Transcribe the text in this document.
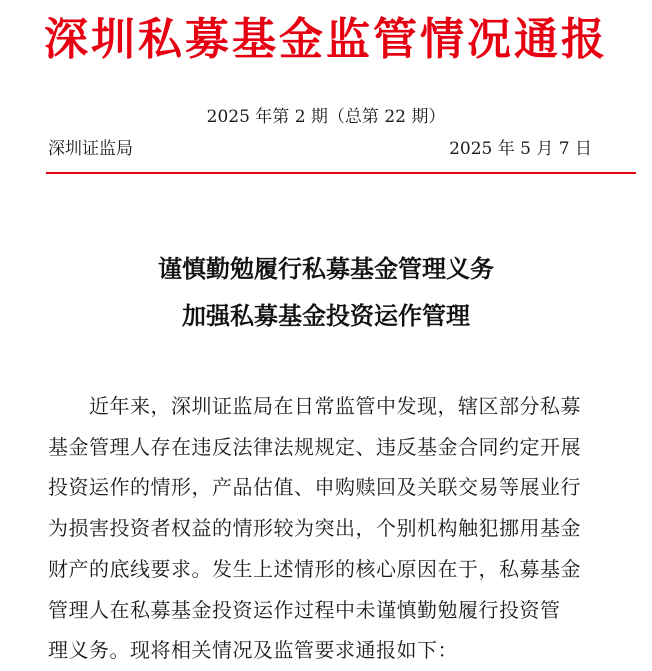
深圳私募基金监管情况通报
2025 年第 2 期（总第 22 期）
深圳证监局	2025 年 5 月 7 日
谨慎勤勉履行私募基金管理义务
加强私募基金投资运作管理
　　近年来，深圳证监局在日常监管中发现，辖区部分私募
基金管理人存在违反法律法规规定、违反基金合同约定开展
投资运作的情形，产品估值、申购赎回及关联交易等展业行
为损害投资者权益的情形较为突出，个别机构触犯挪用基金
财产的底线要求。发生上述情形的核心原因在于，私募基金
管理人在私募基金投资运作过程中未谨慎勤勉履行投资管
理义务。现将相关情况及监管要求通报如下：
